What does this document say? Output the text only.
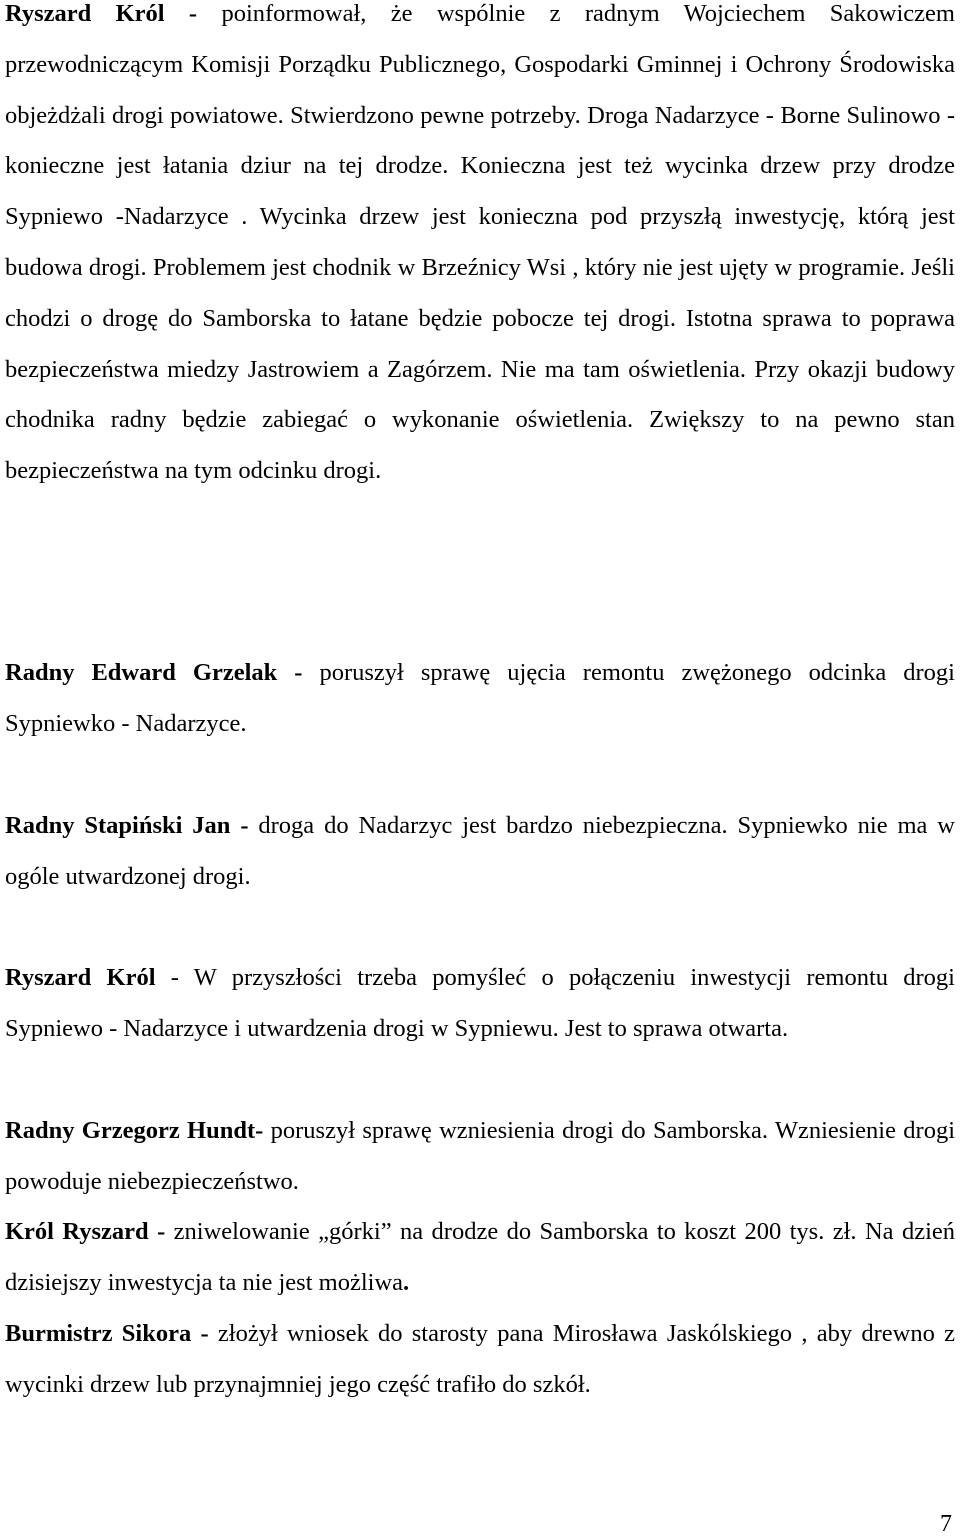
Ryszard Król - poinformował, że wspólnie z radnym Wojciechem Sakowiczem przewodniczącym Komisji Porządku Publicznego, Gospodarki Gminnej i Ochrony Środowiska objeżdżali drogi powiatowe. Stwierdzono pewne potrzeby. Droga Nadarzyce - Borne Sulinowo - konieczne jest łatania dziur na tej drodze. Konieczna jest też wycinka drzew przy drodze Sypniewo -Nadarzyce . Wycinka drzew jest konieczna pod przyszłą inwestycję, którą jest budowa drogi. Problemem jest chodnik w Brzeźnicy Wsi , który nie jest ujęty w programie. Jeśli chodzi o drogę do Samborska to łatane będzie pobocze tej drogi. Istotna sprawa to poprawa bezpieczeństwa miedzy Jastrowiem a Zagórzem. Nie ma tam oświetlenia. Przy okazji budowy chodnika radny będzie zabiegać o wykonanie oświetlenia. Zwiększy to na pewno stan bezpieczeństwa na tym odcinku drogi.

Radny Edward Grzelak - poruszył sprawę ujęcia remontu zwężonego odcinka drogi Sypniewko - Nadarzyce.

Radny Stapiński Jan - droga do Nadarzyc jest bardzo niebezpieczna. Sypniewko nie ma w ogóle utwardzonej drogi.

Ryszard Król - W przyszłości trzeba pomyśleć o połączeniu inwestycji remontu drogi Sypniewo - Nadarzyce i utwardzenia drogi w Sypniewu. Jest to sprawa otwarta.

Radny Grzegorz Hundt- poruszył sprawę wzniesienia drogi do Samborska. Wzniesienie drogi powoduje niebezpieczeństwo.

Król Ryszard - zniwelowanie „górki” na drodze do Samborska to koszt 200 tys. zł. Na dzień dzisiejszy inwestycja ta nie jest możliwa.

Burmistrz Sikora - złożył wniosek do starosty pana Mirosława Jaskólskiego , aby drewno z wycinki drzew lub przynajmniej jego część trafiło do szkół.

7
